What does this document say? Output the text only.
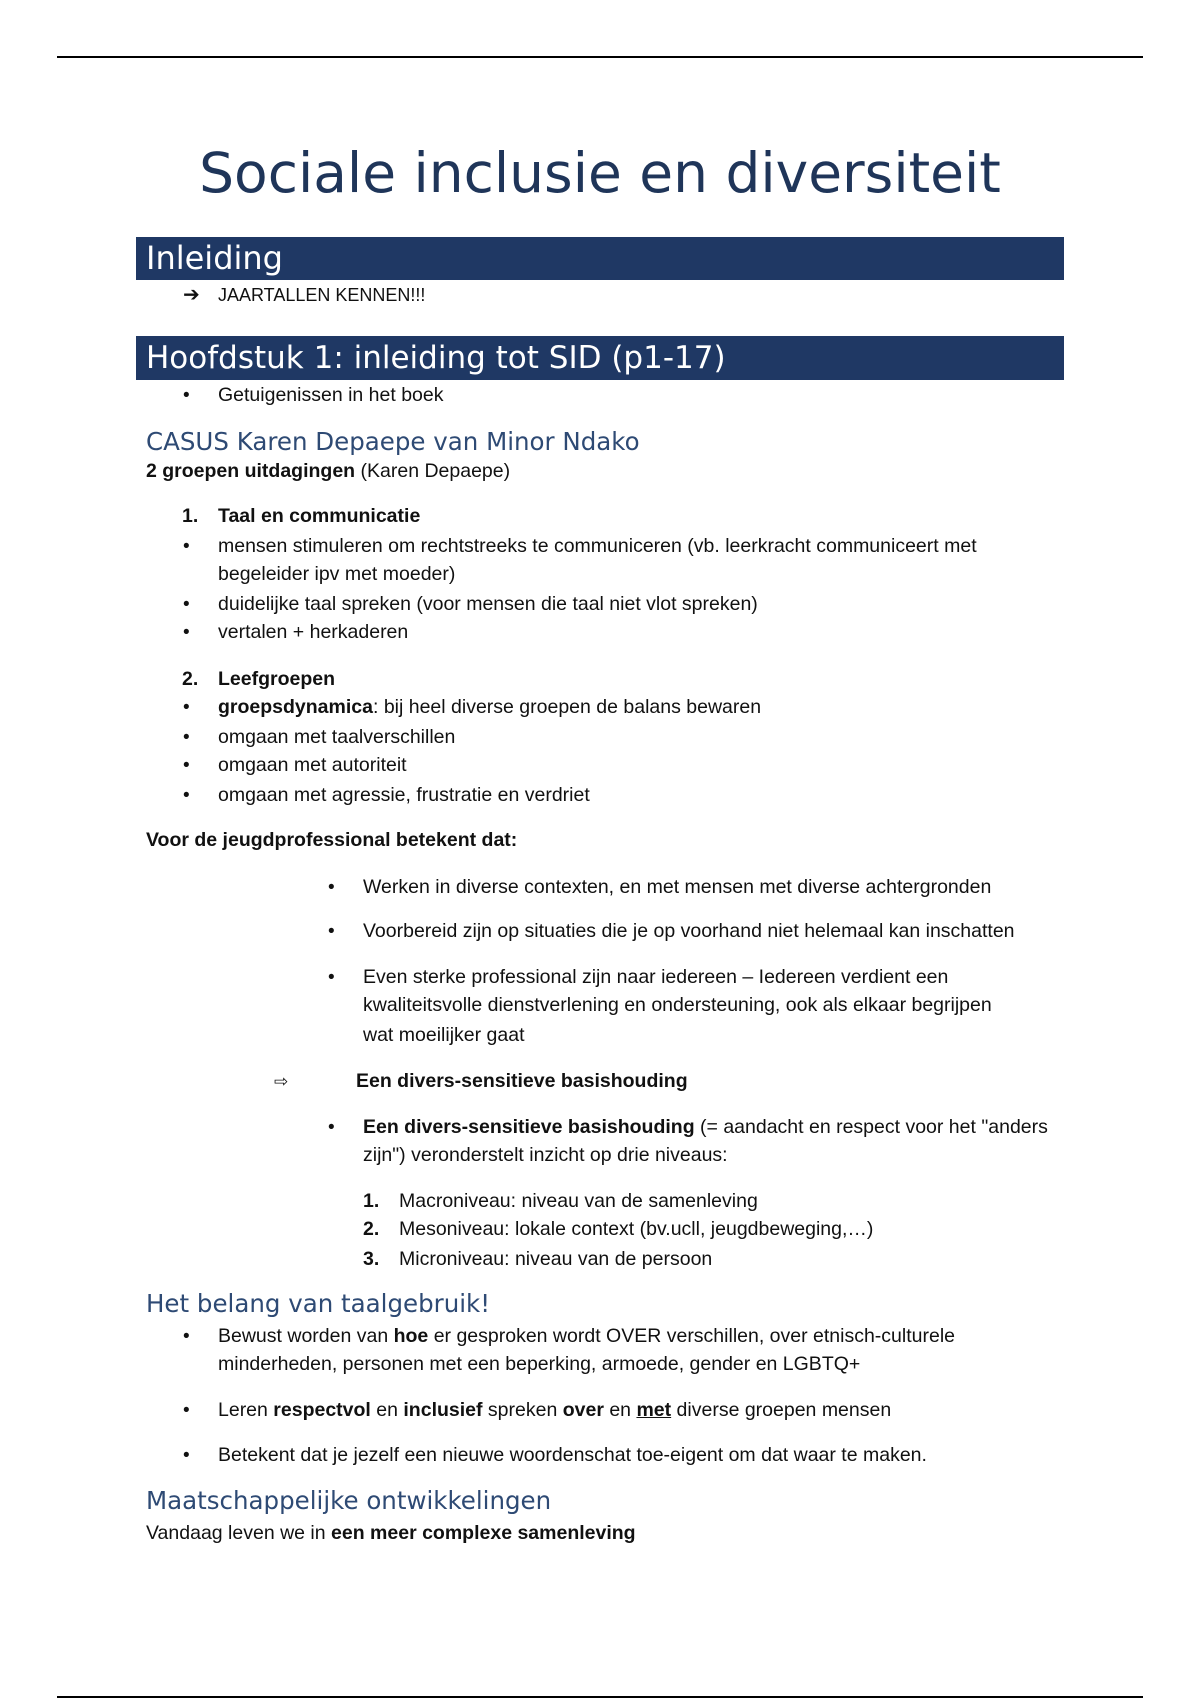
Sociale inclusie en diversiteit
Inleiding
➔ JAARTALLEN KENNEN!!!
Hoofdstuk 1: inleiding tot SID (p1-17)
• Getuigenissen in het boek
CASUS Karen Depaepe van Minor Ndako
2 groepen uitdagingen (Karen Depaepe)
1. Taal en communicatie
• mensen stimuleren om rechtstreeks te communiceren (vb. leerkracht communiceert met
begeleider ipv met moeder)
• duidelijke taal spreken (voor mensen die taal niet vlot spreken)
• vertalen + herkaderen
2. Leefgroepen
• groepsdynamica: bij heel diverse groepen de balans bewaren
• omgaan met taalverschillen
• omgaan met autoriteit
• omgaan met agressie, frustratie en verdriet
Voor de jeugdprofessional betekent dat:
• Werken in diverse contexten, en met mensen met diverse achtergronden
• Voorbereid zijn op situaties die je op voorhand niet helemaal kan inschatten
• Even sterke professional zijn naar iedereen – Iedereen verdient een
kwaliteitsvolle dienstverlening en ondersteuning, ook als elkaar begrijpen
wat moeilijker gaat
⇨	Een divers-sensitieve basishouding
• Een divers-sensitieve basishouding (= aandacht en respect voor het "anders
zijn") veronderstelt inzicht op drie niveaus:
1. Macroniveau: niveau van de samenleving
2. Mesoniveau: lokale context (bv.ucll, jeugdbeweging,…)
3. Microniveau: niveau van de persoon
Het belang van taalgebruik!
• Bewust worden van hoe er gesproken wordt OVER verschillen, over etnisch-culturele
minderheden, personen met een beperking, armoede, gender en LGBTQ+
• Leren respectvol en inclusief spreken over en met diverse groepen mensen
• Betekent dat je jezelf een nieuwe woordenschat toe-eigent om dat waar te maken.
Maatschappelijke ontwikkelingen
Vandaag leven we in een meer complexe samenleving
